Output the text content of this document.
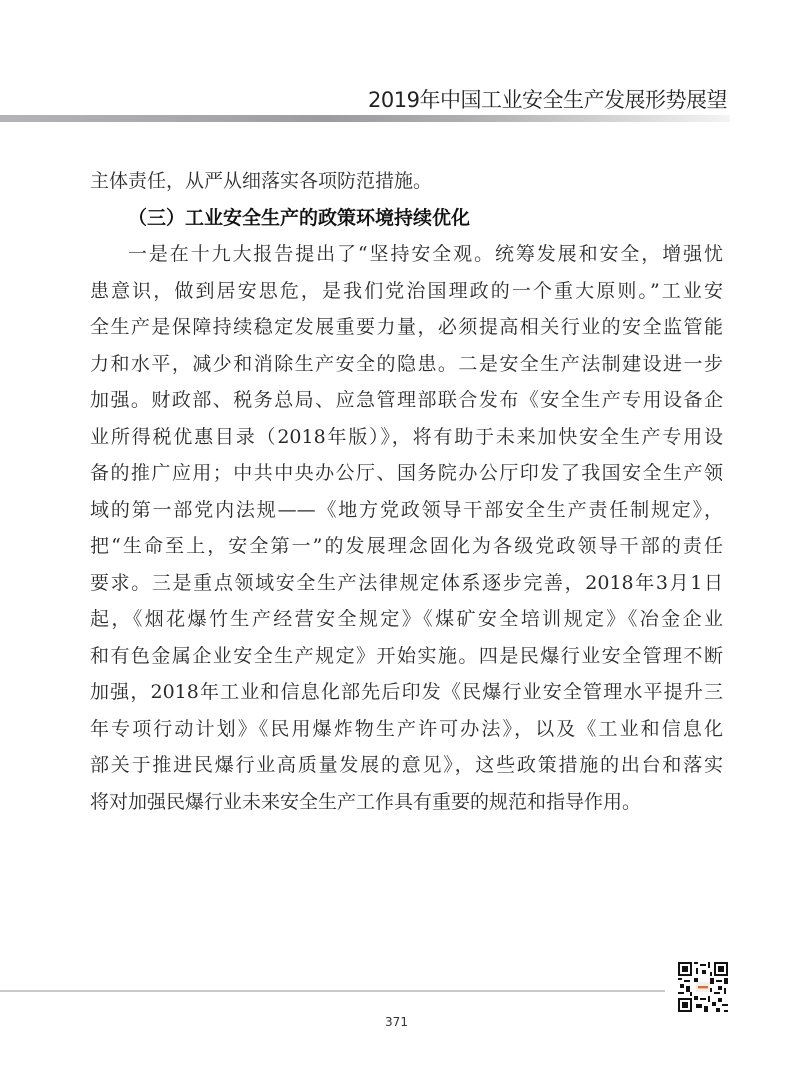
2019年中国工业安全生产发展形势展望
主体责任，从严从细落实各项防范措施。
（三）工业安全生产的政策环境持续优化
一是在十九大报告提出了“坚持安全观。统筹发展和安全，增强忧
患意识，做到居安思危，是我们党治国理政的一个重大原则。”工业安
全生产是保障持续稳定发展重要力量，必须提高相关行业的安全监管能
力和水平，减少和消除生产安全的隐患。二是安全生产法制建设进一步
加强。财政部、税务总局、应急管理部联合发布《安全生产专用设备企
业所得税优惠目录（2018年版）》，将有助于未来加快安全生产专用设
备的推广应用；中共中央办公厅、国务院办公厅印发了我国安全生产领
域的第一部党内法规——《地方党政领导干部安全生产责任制规定》，
把“生命至上，安全第一”的发展理念固化为各级党政领导干部的责任
要求。三是重点领域安全生产法律规定体系逐步完善，2018年3月1日
起，《烟花爆竹生产经营安全规定》《煤矿安全培训规定》《冶金企业
和有色金属企业安全生产规定》开始实施。四是民爆行业安全管理不断
加强，2018年工业和信息化部先后印发《民爆行业安全管理水平提升三
年专项行动计划》《民用爆炸物生产许可办法》，以及《工业和信息化
部关于推进民爆行业高质量发展的意见》，这些政策措施的出台和落实
将对加强民爆行业未来安全生产工作具有重要的规范和指导作用。
371
